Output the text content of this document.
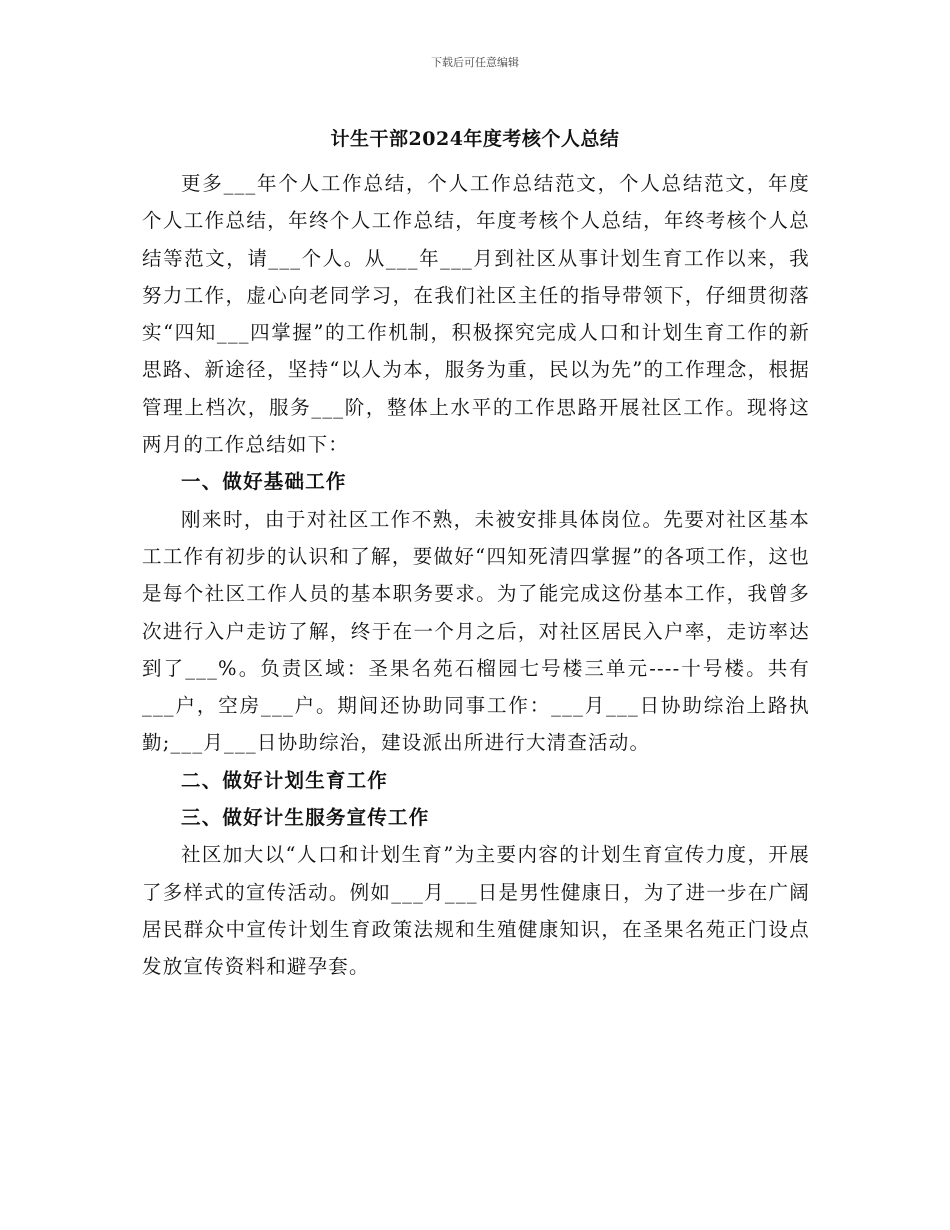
下载后可任意编辑
计生干部2024年度考核个人总结

更多___年个人工作总结，个人工作总结范文，个人总结范文，年度个人工作总结，年终个人工作总结，年度考核个人总结，年终考核个人总结等范文，请___个人。从___年___月到社区从事计划生育工作以来，我努力工作，虚心向老同学习，在我们社区主任的指导带领下，仔细贯彻落实“四知___四掌握”的工作机制，积极探究完成人口和计划生育工作的新思路、新途径，坚持“以人为本，服务为重，民以为先”的工作理念，根据管理上档次，服务___阶，整体上水平的工作思路开展社区工作。现将这两月的工作总结如下：

一、做好基础工作

刚来时，由于对社区工作不熟，未被安排具体岗位。先要对社区基本工工作有初步的认识和了解，要做好“四知死清四掌握”的各项工作，这也是每个社区工作人员的基本职务要求。为了能完成这份基本工作，我曾多次进行入户走访了解，终于在一个月之后，对社区居民入户率，走访率达到了___%。负责区域：圣果名苑石榴园七号楼三单元----十号楼。共有___户，空房___户。期间还协助同事工作：___月___日协助综治上路执勤;___月___日协助综治，建设派出所进行大清查活动。

二、做好计划生育工作
三、做好计生服务宣传工作

社区加大以“人口和计划生育”为主要内容的计划生育宣传力度，开展了多样式的宣传活动。例如___月___日是男性健康日，为了进一步在广阔居民群众中宣传计划生育政策法规和生殖健康知识，在圣果名苑正门设点发放宣传资料和避孕套。
